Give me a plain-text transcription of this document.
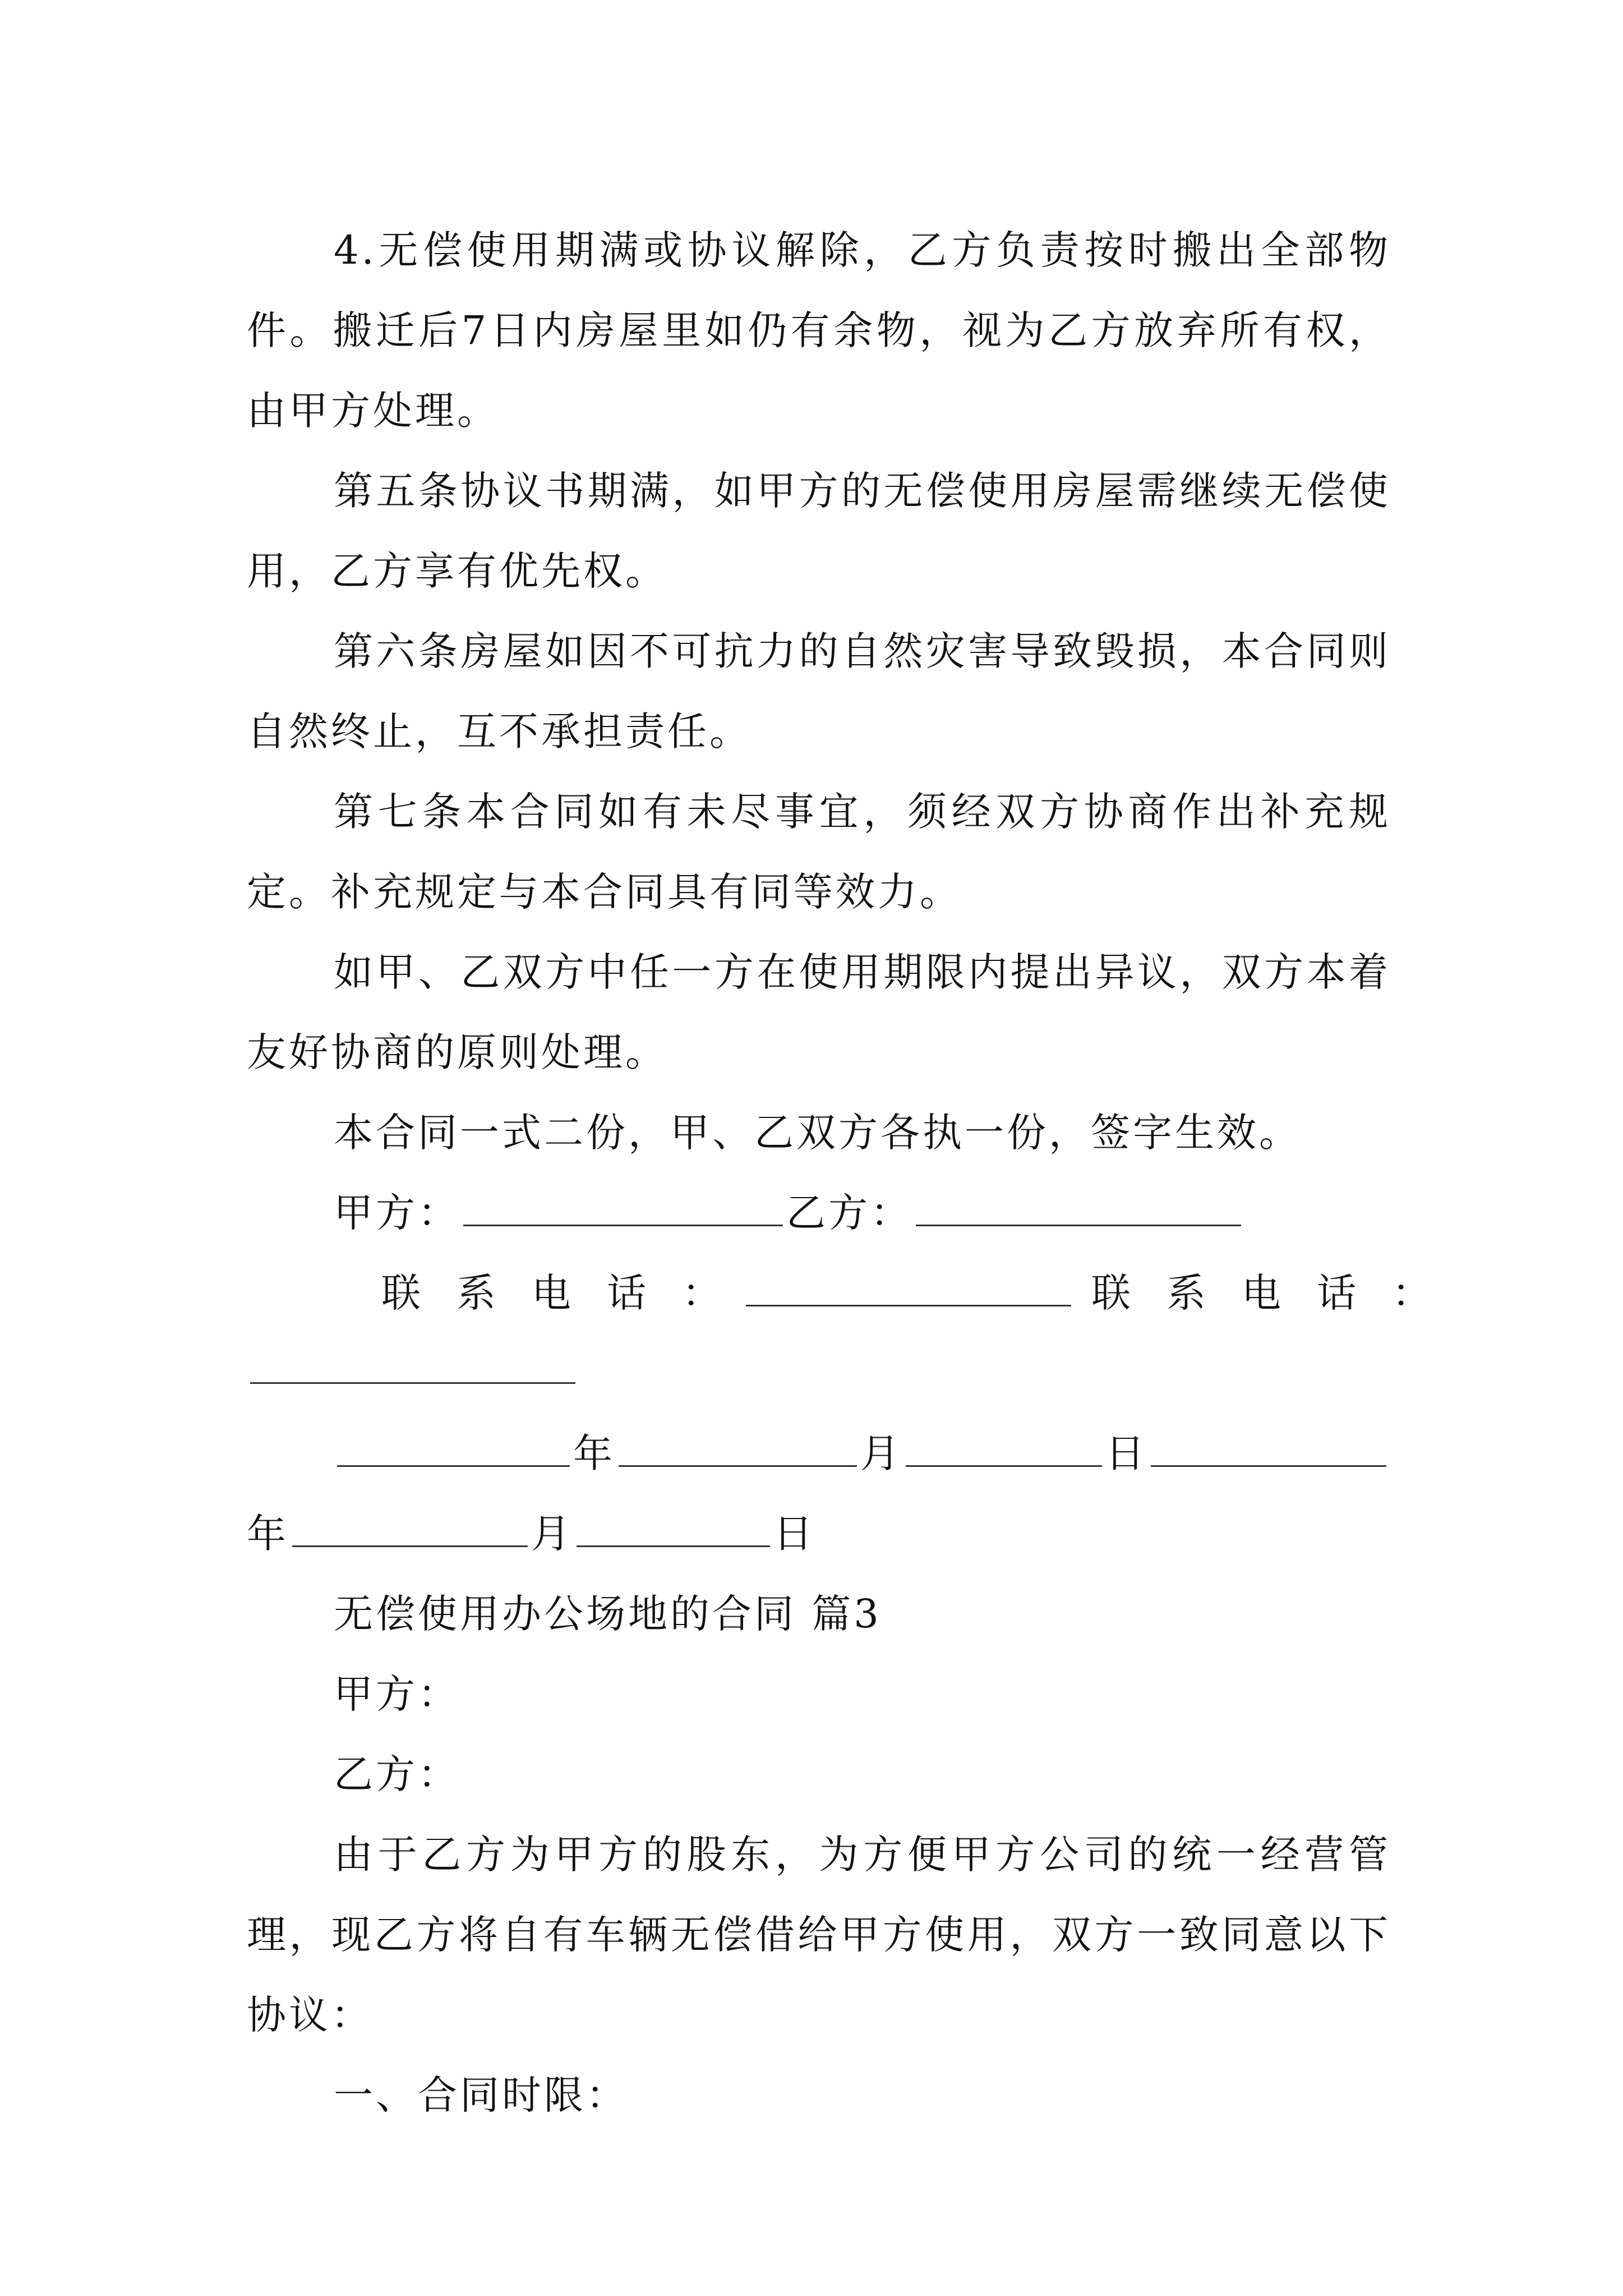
4.无偿使用期满或协议解除，乙方负责按时搬出全部物件。搬迁后7日内房屋里如仍有余物，视为乙方放弃所有权，由甲方处理。

第五条协议书期满，如甲方的无偿使用房屋需继续无偿使用，乙方享有优先权。

第六条房屋如因不可抗力的自然灾害导致毁损，本合同则自然终止，互不承担责任。

第七条本合同如有未尽事宜，须经双方协商作出补充规定。补充规定与本合同具有同等效力。

如甲、乙双方中任一方在使用期限内提出异议，双方本着友好协商的原则处理。

本合同一式二份，甲、乙双方各执一份，签字生效。

甲方：	乙方：

联系电话：	联系电话：

年	月	日

年	月	日

无偿使用办公场地的合同 篇3

甲方：

乙方：

由于乙方为甲方的股东，为方便甲方公司的统一经营管理，现乙方将自有车辆无偿借给甲方使用，双方一致同意以下协议：

一、合同时限：
